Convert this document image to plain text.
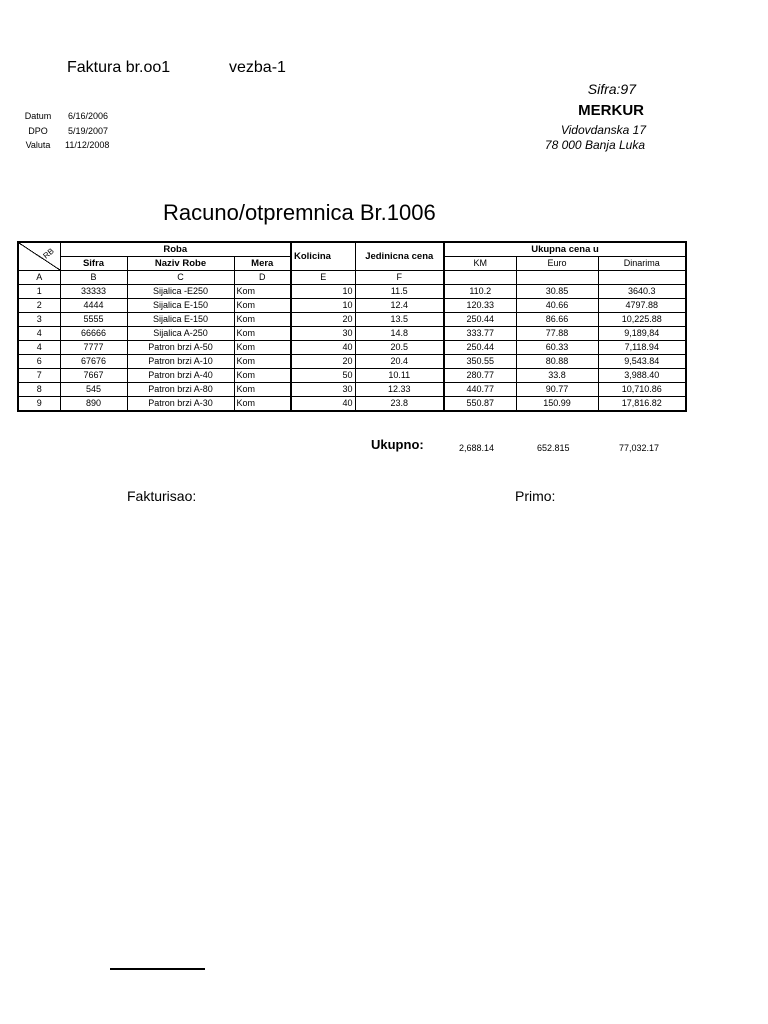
Faktura br.oo1	vezba-1
Datum	6/16/2006
DPO	5/19/2007
Valuta	11/12/2008
Sifra:97
MERKUR
Vidovdanska 17
78 000 Banja Luka
Racuno/otpremnica Br.1006
RB	Roba			Kolicina	Jedinicna cena	Ukupna cena u		
	Sifra	Naziv Robe	Mera			KM	Euro	Dinarima
A	B	C	D	E	F			
1	33333	Sijalica -E250	Kom	10	11.5	110.2	30.85	3640.3
2	4444	Sijalica E-150	Kom	10	12.4	120.33	40.66	4797.88
3	5555	Sijalica E-150	Kom	20	13.5	250.44	86.66	10,225.88
4	66666	Sijalica A-250	Kom	30	14.8	333.77	77.88	9,189,84
4	7777	Patron brzi A-50	Kom	40	20.5	250.44	60.33	7,118.94
6	67676	Patron brzi A-10	Kom	20	20.4	350.55	80.88	9,543.84
7	7667	Patron brzi A-40	Kom	50	10.11	280.77	33.8	3,988.40
8	545	Patron brzi A-80	Kom	30	12.33	440.77	90.77	10,710.86
9	890	Patron brzi A-30	Kom	40	23.8	550.87	150.99	17,816.82
Ukupno:	2,688.14	652.815	77,032.17
Fakturisao:	Primo:
